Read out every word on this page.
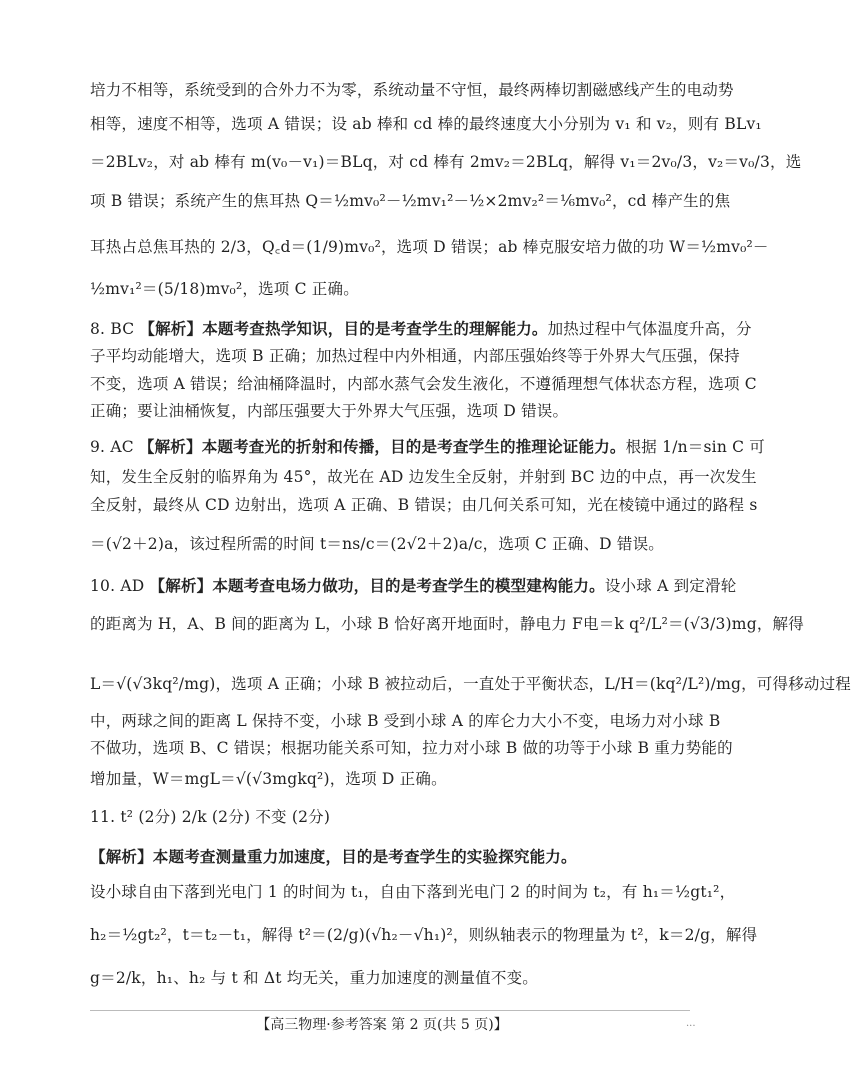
培力不相等，系统受到的合外力不为零，系统动量不守恒，最终两棒切割磁感线产生的电动势
相等，速度不相等，选项 A 错误；设 ab 棒和 cd 棒的最终速度大小分别为 v₁ 和 v₂，则有 BLv₁
＝2BLv₂，对 ab 棒有 m(v₀－v₁)＝BLq，对 cd 棒有 2mv₂＝2BLq，解得 v₁＝2v₀/3，v₂＝v₀/3，选
项 B 错误；系统产生的焦耳热 Q＝½mv₀²－½mv₁²－½×2mv₂²＝⅙mv₀²，cd 棒产生的焦
耳热占总焦耳热的 2/3，Q꜀d＝(1/9)mv₀²，选项 D 错误；ab 棒克服安培力做的功 W＝½mv₀²－
½mv₁²＝(5/18)mv₀²，选项 C 正确。
8. BC 【解析】本题考查热学知识，目的是考查学生的理解能力。加热过程中气体温度升高，分
子平均动能增大，选项 B 正确；加热过程中内外相通，内部压强始终等于外界大气压强，保持
不变，选项 A 错误；给油桶降温时，内部水蒸气会发生液化，不遵循理想气体状态方程，选项 C
正确；要让油桶恢复，内部压强要大于外界大气压强，选项 D 错误。
9. AC 【解析】本题考查光的折射和传播，目的是考查学生的推理论证能力。根据 1/n＝sin C 可
知，发生全反射的临界角为 45°，故光在 AD 边发生全反射，并射到 BC 边的中点，再一次发生
全反射，最终从 CD 边射出，选项 A 正确、B 错误；由几何关系可知，光在棱镜中通过的路程 s
＝(√2＋2)a，该过程所需的时间 t＝ns/c＝(2√2＋2)a/c，选项 C 正确、D 错误。
10. AD 【解析】本题考查电场力做功，目的是考查学生的模型建构能力。设小球 A 到定滑轮
的距离为 H，A、B 间的距离为 L，小球 B 恰好离开地面时，静电力 F电＝k q²/L²＝(√3/3)mg，解得
L＝√(√3kq²/mg)，选项 A 正确；小球 B 被拉动后，一直处于平衡状态，L/H＝(kq²/L²)/mg，可得移动过程
中，两球之间的距离 L 保持不变，小球 B 受到小球 A 的库仑力大小不变，电场力对小球 B
不做功，选项 B、C 错误；根据功能关系可知，拉力对小球 B 做的功等于小球 B 重力势能的
增加量，W＝mgL＝√(√3mgkq²)，选项 D 正确。
11. t² (2分) 2/k (2分) 不变 (2分)
【解析】本题考查测量重力加速度，目的是考查学生的实验探究能力。
设小球自由下落到光电门 1 的时间为 t₁，自由下落到光电门 2 的时间为 t₂，有 h₁＝½gt₁²，
h₂＝½gt₂²，t＝t₂－t₁，解得 t²＝(2/g)(√h₂－√h₁)²，则纵轴表示的物理量为 t²，k＝2/g，解得
g＝2/k，h₁、h₂ 与 t 和 Δt 均无关，重力加速度的测量值不变。
【高三物理·参考答案 第 2 页(共 5 页)】	...
